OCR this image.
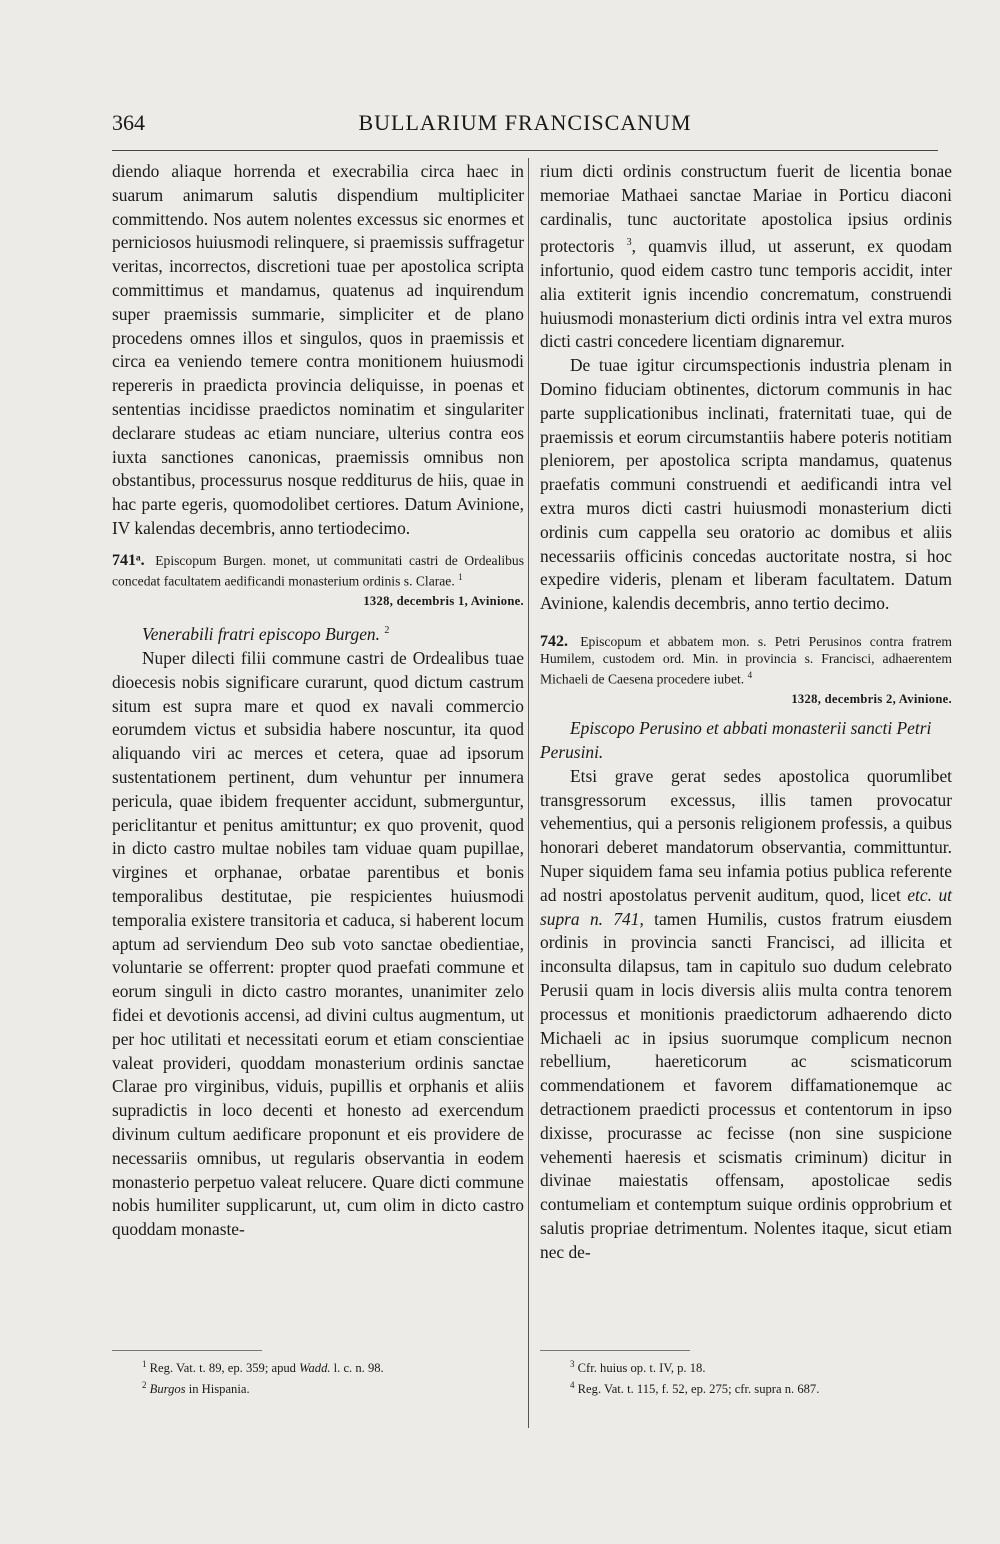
364	BULLARIUM FRANCISCANUM

diendo aliaque horrenda et execrabilia circa haec in suarum animarum salutis dispendium multipliciter committendo. Nos autem nolentes excessus sic enormes et perniciosos huiusmodi relinquere, si praemissis suffragetur veritas, incorrectos, discretioni tuae per apostolica scripta committimus et mandamus, quatenus ad inquirendum super praemissis summarie, simpliciter et de plano procedens omnes illos et singulos, quos in praemissis et circa ea veniendo temere contra monitionem huiusmodi repereris in praedicta provincia deliquisse, in poenas et sententias incidisse praedictos nominatim et singulariter declarare studeas ac etiam nunciare, ulterius contra eos iuxta sanctiones canonicas, praemissis omnibus non obstantibus, processurus nosque redditurus de hiis, quae in hac parte egeris, quomodolibet certiores. Datum Avinione, IV kalendas decembris, anno tertiodecimo.

741ᵃ. Episcopum Burgen. monet, ut communitati castri de Ordealibus concedat facultatem aedificandi monasterium ordinis s. Clarae. $^1$

1328, decembris 1, Avinione.

Venerabili fratri episcopo Burgen. $^2$

Nuper dilecti filii commune castri de Ordealibus tuae dioecesis nobis significare curarunt, quod dictum castrum situm est supra mare et quod ex navali commercio eorumdem victus et subsidia habere noscuntur, ita quod aliquando viri ac merces et cetera, quae ad ipsorum sustentationem pertinent, dum vehuntur per innumera pericula, quae ibidem frequenter accidunt, submerguntur, periclitantur et penitus amittuntur; ex quo provenit, quod in dicto castro multae nobiles tam viduae quam pupillae, virgines et orphanae, orbatae parentibus et bonis temporalibus destitutae, pie respicientes huiusmodi temporalia existere transitoria et caduca, si haberent locum aptum ad serviendum Deo sub voto sanctae obedientiae, voluntarie se offerrent: propter quod praefati commune et eorum singuli in dicto castro morantes, unanimiter zelo fidei et devotionis accensi, ad divini cultus augmentum, ut per hoc utilitati et necessitati eorum et etiam conscientiae valeat provideri, quoddam monasterium ordinis sanctae Clarae pro virginibus, viduis, pupillis et orphanis et aliis supradictis in loco decenti et honesto ad exercendum divinum cultum aedificare proponunt et eis providere de necessariis omnibus, ut regularis observantia in eodem monasterio perpetuo valeat relucere. Quare dicti commune nobis humiliter supplicarunt, ut, cum olim in dicto castro quoddam monaste-

rium dicti ordinis constructum fuerit de licentia bonae memoriae Mathaei sanctae Mariae in Porticu diaconi cardinalis, tunc auctoritate apostolica ipsius ordinis protectoris $^3$, quamvis illud, ut asserunt, ex quodam infortunio, quod eidem castro tunc temporis accidit, inter alia extiterit ignis incendio concrematum, construendi huiusmodi monasterium dicti ordinis intra vel extra muros dicti castri concedere licentiam dignaremur.

De tuae igitur circumspectionis industria plenam in Domino fiduciam obtinentes, dictorum communis in hac parte supplicationibus inclinati, fraternitati tuae, qui de praemissis et eorum circumstantiis habere poteris notitiam pleniorem, per apostolica scripta mandamus, quatenus praefatis communi construendi et aedificandi intra vel extra muros dicti castri huiusmodi monasterium dicti ordinis cum cappella seu oratorio ac domibus et aliis necessariis officinis concedas auctoritate nostra, si hoc expedire videris, plenam et liberam facultatem. Datum Avinione, kalendis decembris, anno tertio decimo.

742. Episcopum et abbatem mon. s. Petri Perusinos contra fratrem Humilem, custodem ord. Min. in provincia s. Francisci, adhaerentem Michaeli de Caesena procedere iubet. $^4$

1328, decembris 2, Avinione.

Episcopo Perusino et abbati monasterii sancti Petri Perusini.

Etsi grave gerat sedes apostolica quorumlibet transgressorum excessus, illis tamen provocatur vehementius, qui a personis religionem professis, a quibus honorari deberet mandatorum observantia, committuntur. Nuper siquidem fama seu infamia potius publica referente ad nostri apostolatus pervenit auditum, quod, licet etc. ut supra n. 741, tamen Humilis, custos fratrum eiusdem ordinis in provincia sancti Francisci, ad illicita et inconsulta dilapsus, tam in capitulo suo dudum celebrato Perusii quam in locis diversis aliis multa contra tenorem processus et monitionis praedictorum adhaerendo dicto Michaeli ac in ipsius suorumque complicum necnon rebellium, haereticorum ac scismaticorum commendationem et favorem diffamationemque ac detractionem praedicti processus et contentorum in ipso dixisse, procurasse ac fecisse (non sine suspicione vehementi haeresis et scismatis criminum) dicitur in divinae maiestatis offensam, apostolicae sedis contumeliam et contemptum suique ordinis opprobrium et salutis propriae detrimentum. Nolentes itaque, sicut etiam nec de-

$^1$ Reg. Vat. t. 89, ep. 359; apud Wadd. l. c. n. 98.

$^2$ Burgos in Hispania.

$^3$ Cfr. huius op. t. IV, p. 18.

$^4$ Reg. Vat. t. 115, f. 52, ep. 275; cfr. supra n. 687.
